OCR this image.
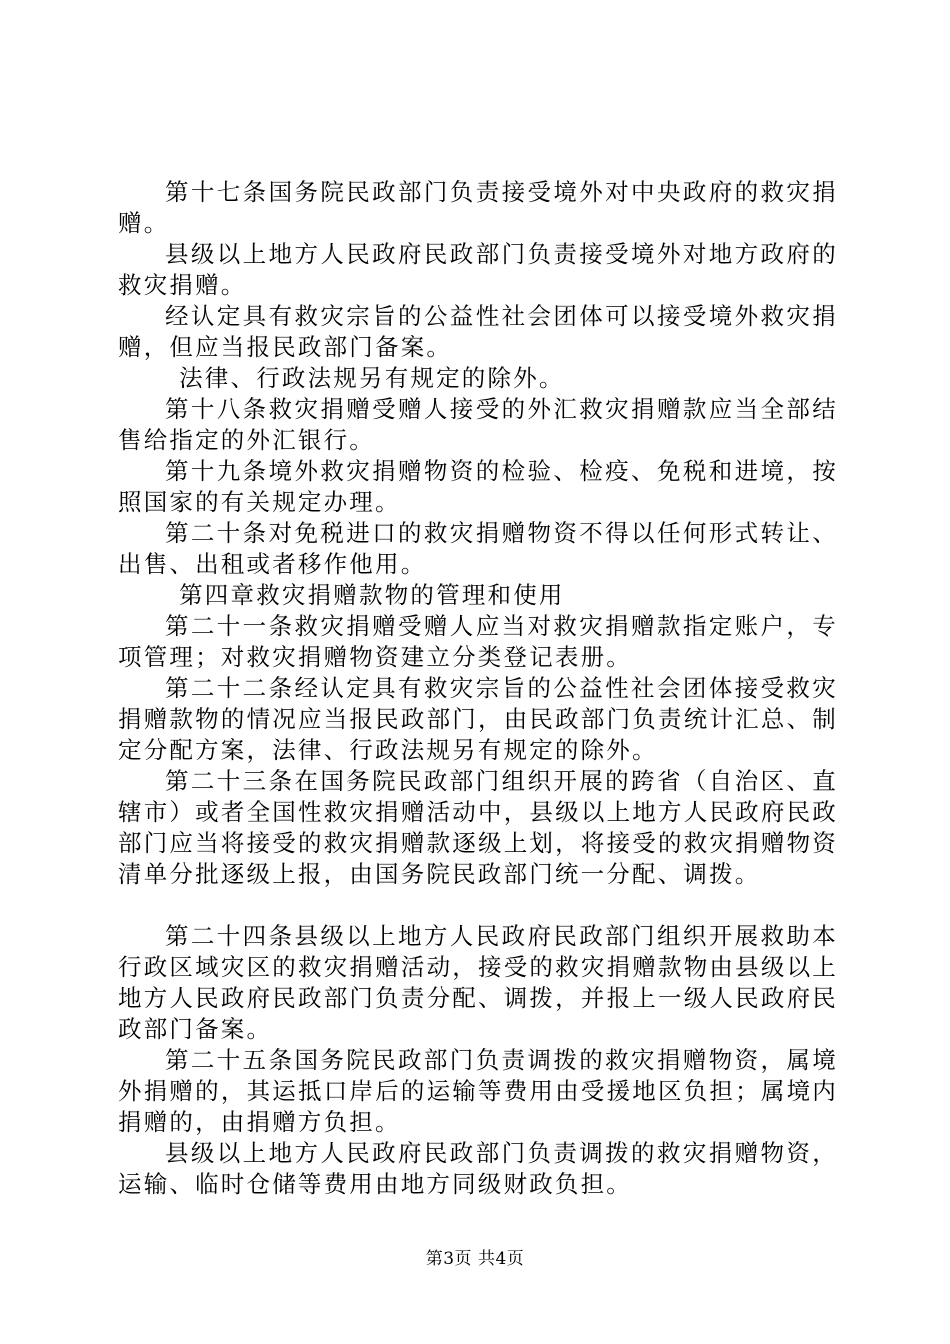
第十七条国务院民政部门负责接受境外对中央政府的救灾捐赠。

县级以上地方人民政府民政部门负责接受境外对地方政府的救灾捐赠。

经认定具有救灾宗旨的公益性社会团体可以接受境外救灾捐赠，但应当报民政部门备案。

法律、行政法规另有规定的除外。

第十八条救灾捐赠受赠人接受的外汇救灾捐赠款应当全部结售给指定的外汇银行。

第十九条境外救灾捐赠物资的检验、检疫、免税和进境，按照国家的有关规定办理。

第二十条对免税进口的救灾捐赠物资不得以任何形式转让、出售、出租或者移作他用。

第四章救灾捐赠款物的管理和使用

第二十一条救灾捐赠受赠人应当对救灾捐赠款指定账户，专项管理；对救灾捐赠物资建立分类登记表册。

第二十二条经认定具有救灾宗旨的公益性社会团体接受救灾捐赠款物的情况应当报民政部门，由民政部门负责统计汇总、制定分配方案，法律、行政法规另有规定的除外。

第二十三条在国务院民政部门组织开展的跨省（自治区、直辖市）或者全国性救灾捐赠活动中，县级以上地方人民政府民政部门应当将接受的救灾捐赠款逐级上划，将接受的救灾捐赠物资清单分批逐级上报，由国务院民政部门统一分配、调拨。

第二十四条县级以上地方人民政府民政部门组织开展救助本行政区域灾区的救灾捐赠活动，接受的救灾捐赠款物由县级以上地方人民政府民政部门负责分配、调拨，并报上一级人民政府民政部门备案。

第二十五条国务院民政部门负责调拨的救灾捐赠物资，属境外捐赠的，其运抵口岸后的运输等费用由受援地区负担；属境内捐赠的，由捐赠方负担。

县级以上地方人民政府民政部门负责调拨的救灾捐赠物资，运输、临时仓储等费用由地方同级财政负担。

第3页 共4页
